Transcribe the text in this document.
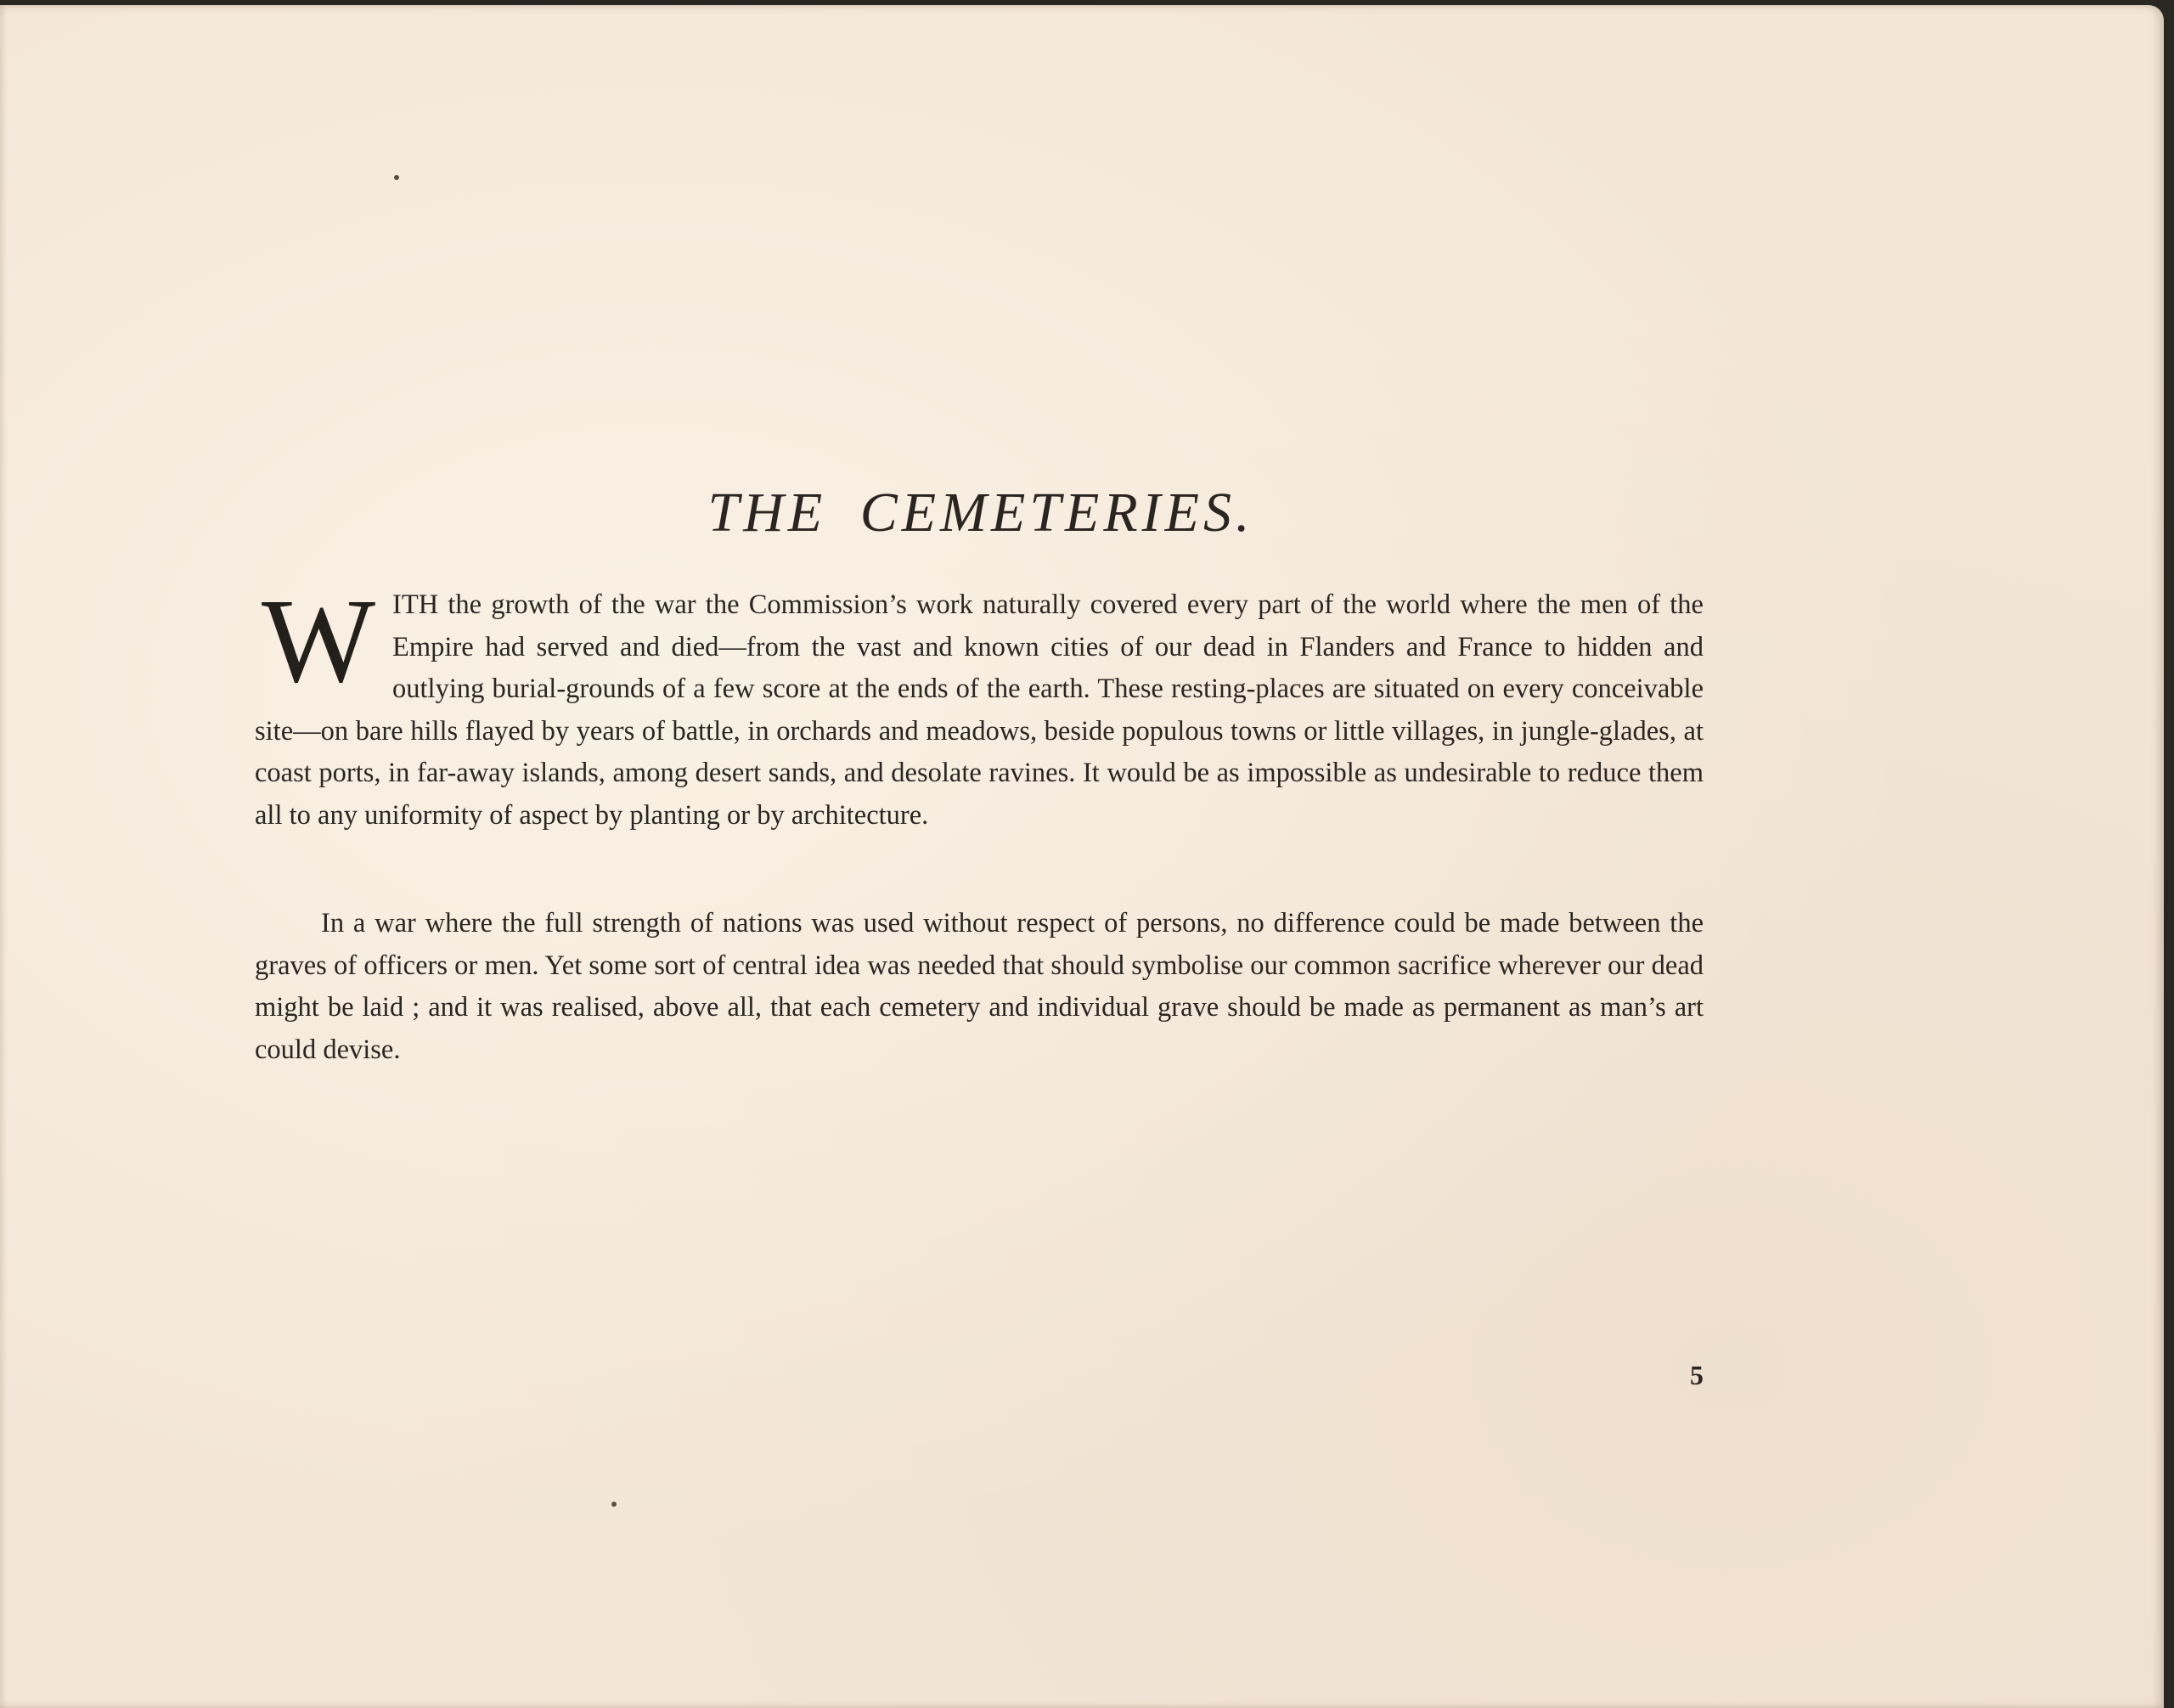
THE CEMETERIES.
WITH the growth of the war the Commission’s work naturally covered every part of the world where the men of the Empire had served and died—from the vast and known cities of our dead in Flanders and France to hidden and outlying burial-grounds of a few score at the ends of the earth. These resting-places are situated on every conceivable site—on bare hills flayed by years of battle, in orchards and meadows, beside populous towns or little villages, in jungle-glades, at coast ports, in far-away islands, among desert sands, and desolate ravines. It would be as impossible as undesirable to reduce them all to any uniformity of aspect by planting or by architecture.
In a war where the full strength of nations was used without respect of persons, no difference could be made between the graves of officers or men. Yet some sort of central idea was needed that should symbolise our common sacrifice wherever our dead might be laid ; and it was realised, above all, that each cemetery and individual grave should be made as permanent as man’s art could devise.
5
